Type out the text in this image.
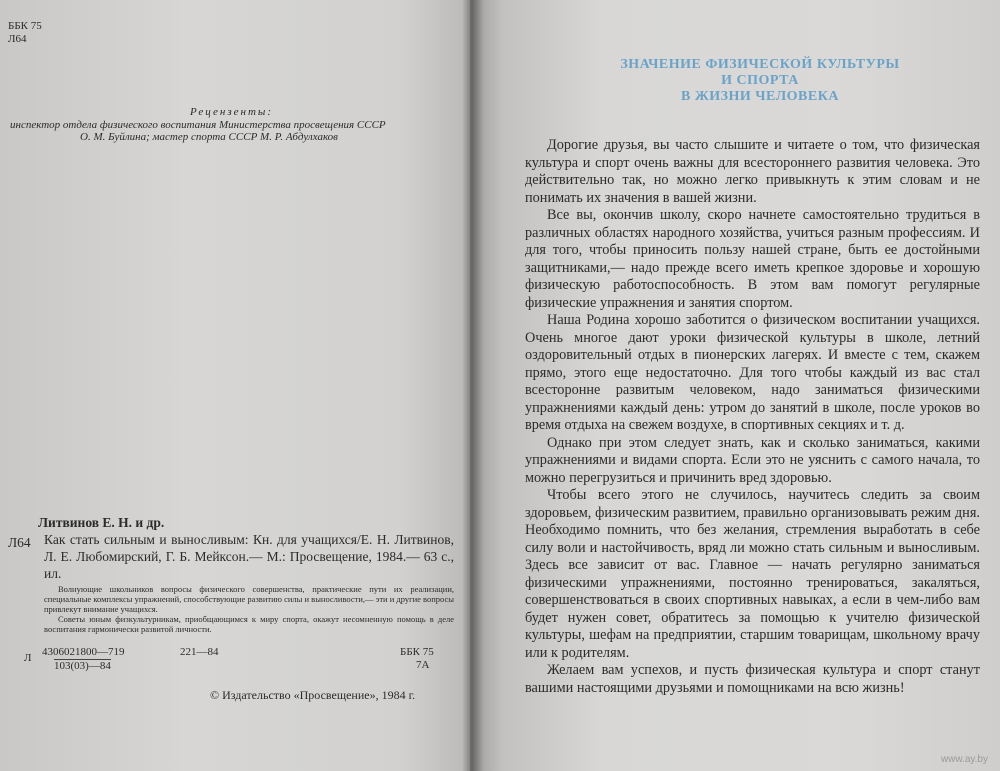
ББК 75
Л64
Рецензенты:
инспектор отдела физического воспитания Министерства просвещения СССР
О. М. Буйлина; мастер спорта СССР М. Р. Абдулхаков
Литвинов Е. Н. и др.
Л64 Как стать сильным и выносливым: Кн. для учащихся/Е. Н. Литвинов, Л. Е. Любомирский, Г. Б. Мейксон.— М.: Просвещение, 1984.— 63 с., ил.

Волнующие школьников вопросы физического совершенства, практические пути их реализации, специальные комплексы упражнений, способствующие развитию силы и выносливости,— эти и другие вопросы привлекут внимание учащихся.

Советы юным физкультурникам, приобщающимся к миру спорта, окажут несомненную помощь в деле воспитания гармонически развитой личности.

Л 4306021800—719
103(03)—84
221—84	ББК 75
7А
© Издательство «Просвещение», 1984 г.
ЗНАЧЕНИЕ ФИЗИЧЕСКОЙ КУЛЬТУРЫ
И СПОРТА
В ЖИЗНИ ЧЕЛОВЕКА

Дорогие друзья, вы часто слышите и читаете о том, что физическая культура и спорт очень важны для всестороннего развития человека. Это действительно так, но можно легко привыкнуть к этим словам и не понимать их значения в вашей жизни.

Все вы, окончив школу, скоро начнете самостоятельно трудиться в различных областях народного хозяйства, учиться разным профессиям. И для того, чтобы приносить пользу нашей стране, быть ее достойными защитниками,— надо прежде всего иметь крепкое здоровье и хорошую физическую работоспособность. В этом вам помогут регулярные физические упражнения и занятия спортом.

Наша Родина хорошо заботится о физическом воспитании учащихся. Очень многое дают уроки физической культуры в школе, летний оздоровительный отдых в пионерских лагерях. И вместе с тем, скажем прямо, этого еще недостаточно. Для того чтобы каждый из вас стал всесторонне развитым человеком, надо заниматься физическими упражнениями каждый день: утром до занятий в школе, после уроков во время отдыха на свежем воздухе, в спортивных секциях и т. д.

Однако при этом следует знать, как и сколько заниматься, какими упражнениями и видами спорта. Если это не уяснить с самого начала, то можно перегрузиться и причинить вред здоровью.

Чтобы всего этого не случилось, научитесь следить за своим здоровьем, физическим развитием, правильно организовывать режим дня. Необходимо помнить, что без желания, стремления выработать в себе силу воли и настойчивость, вряд ли можно стать сильным и выносливым. Здесь все зависит от вас. Главное — начать регулярно заниматься физическими упражнениями, постоянно тренироваться, закаляться, совершенствоваться в своих спортивных навыках, а если в чем-либо вам будет нужен совет, обратитесь за помощью к учителю физической культуры, шефам на предприятии, старшим товарищам, школьному врачу или к родителям.

Желаем вам успехов, и пусть физическая культура и спорт станут вашими настоящими друзьями и помощниками на всю жизнь!

www.ay.by
